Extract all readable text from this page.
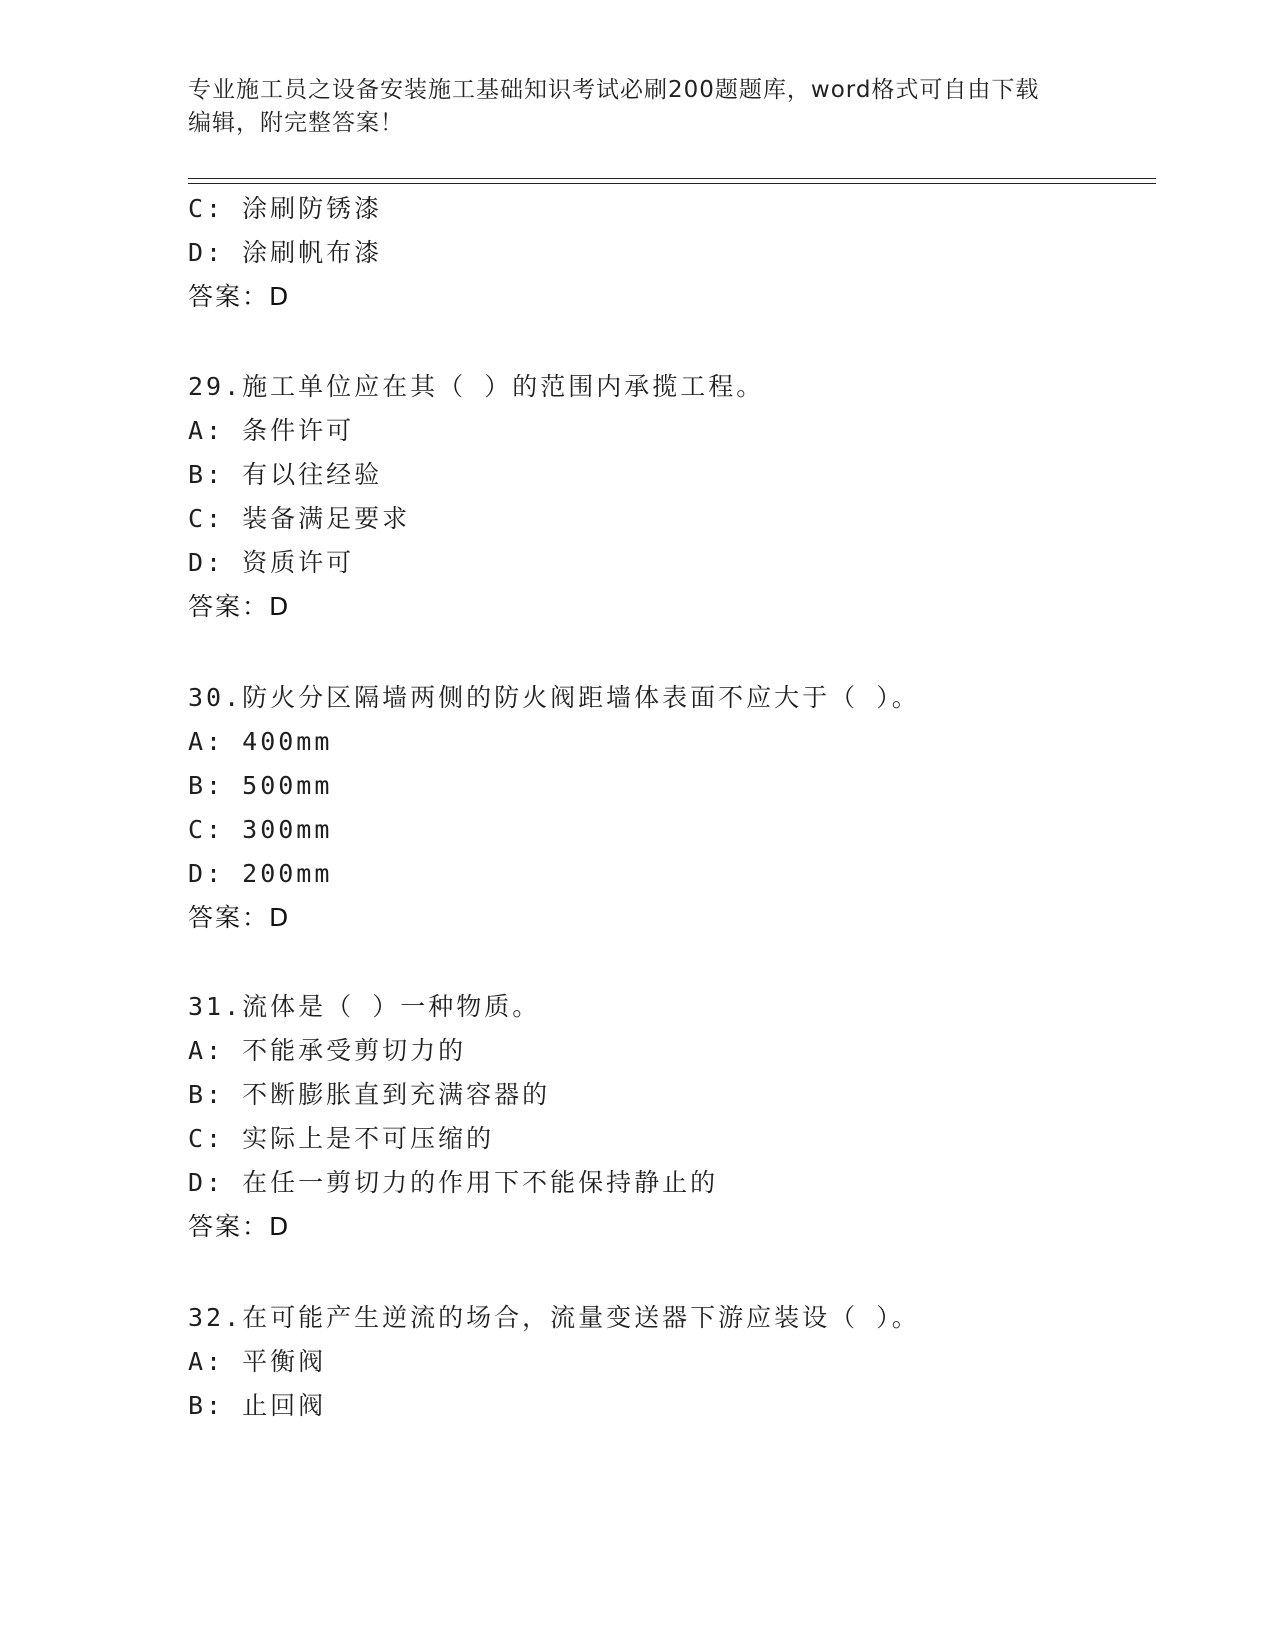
专业施工员之设备安装施工基础知识考试必刷200题题库，word格式可自由下载
编辑，附完整答案！
C: 涂刷防锈漆
D: 涂刷帆布漆
答案：D
29.施工单位应在其（ ）的范围内承揽工程。
A: 条件许可
B: 有以往经验
C: 装备满足要求
D: 资质许可
答案：D
30.防火分区隔墙两侧的防火阀距墙体表面不应大于（ ）。
A: 400mm
B: 500mm
C: 300mm
D: 200mm
答案：D
31.流体是（ ）一种物质。
A: 不能承受剪切力的
B: 不断膨胀直到充满容器的
C: 实际上是不可压缩的
D: 在任一剪切力的作用下不能保持静止的
答案：D
32.在可能产生逆流的场合，流量变送器下游应装设（ ）。
A: 平衡阀
B: 止回阀
